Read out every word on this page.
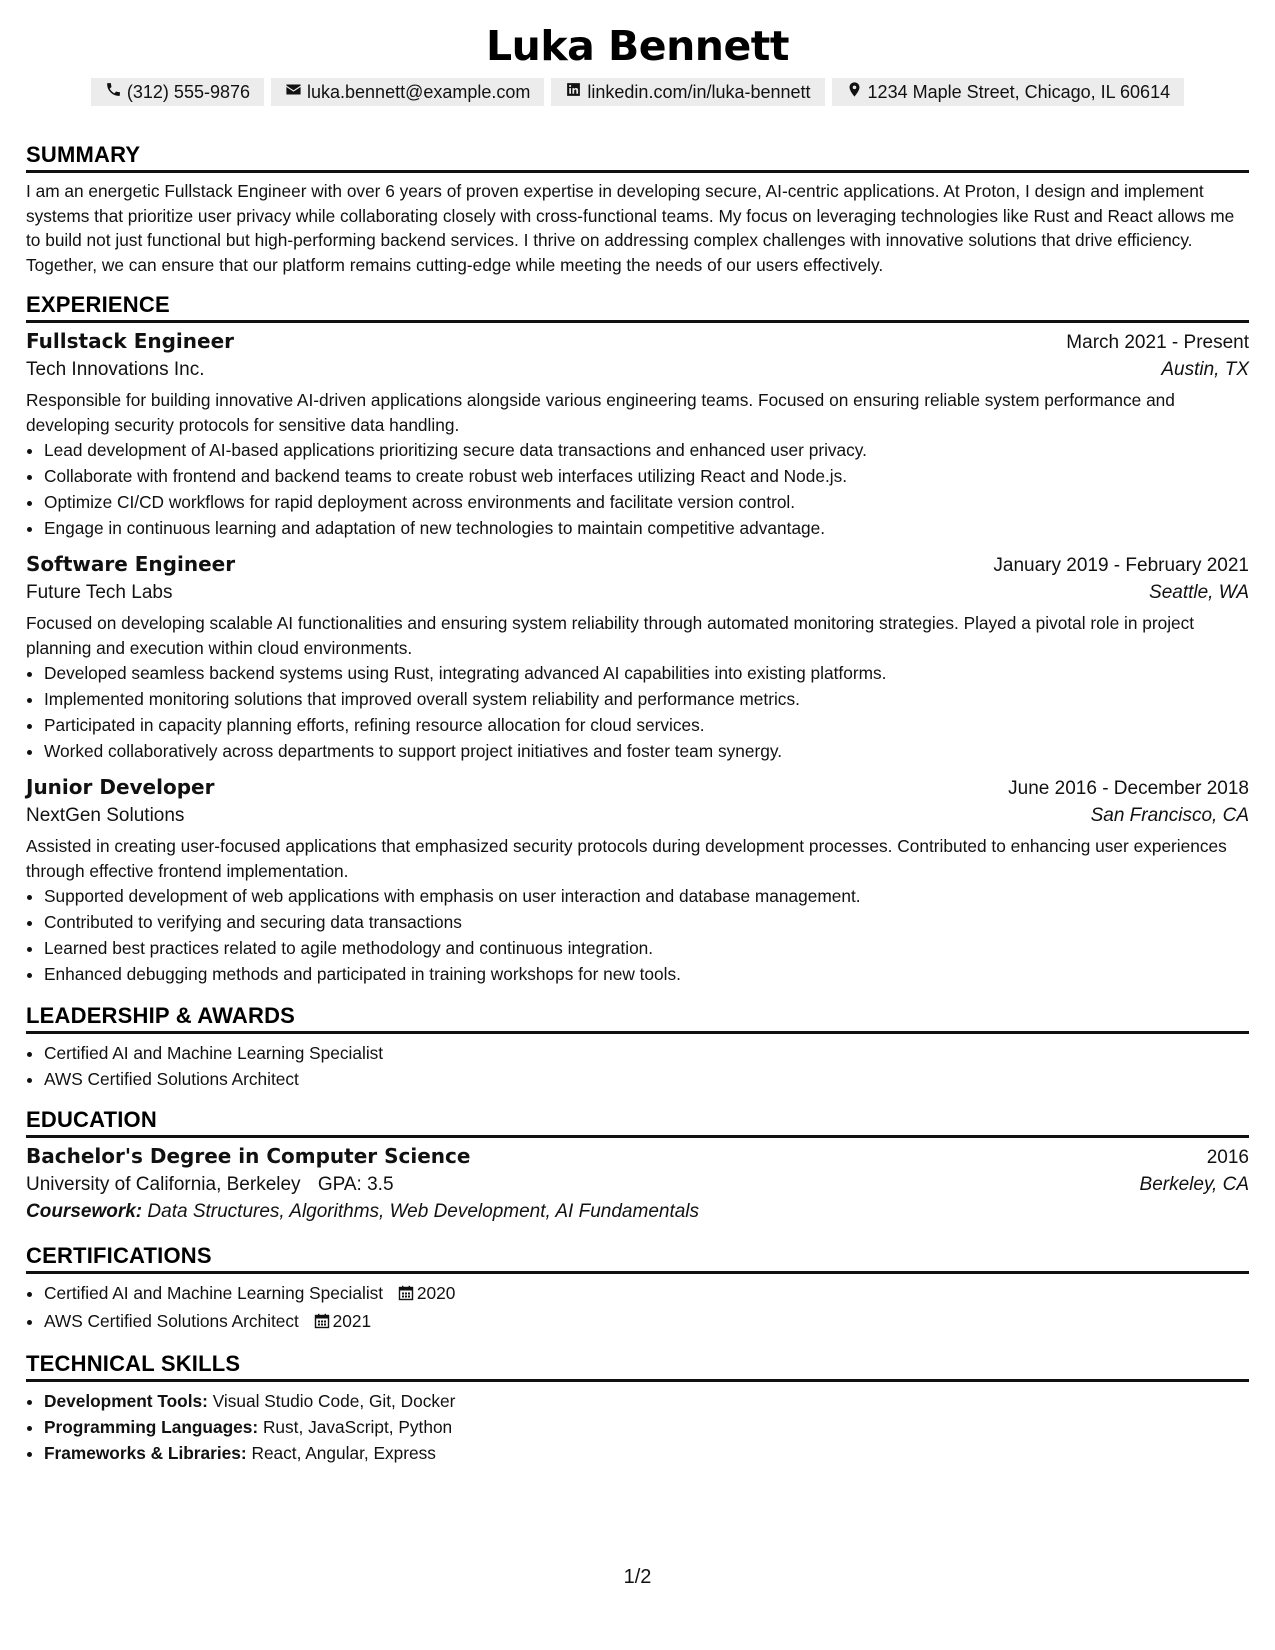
Luka Bennett
(312) 555-9876	luka.bennett@example.com	linkedin.com/in/luka-bennett	1234 Maple Street, Chicago, IL 60614
SUMMARY

I am an energetic Fullstack Engineer with over 6 years of proven expertise in developing secure, AI-centric applications. At Proton, I design and implement systems that prioritize user privacy while collaborating closely with cross-functional teams. My focus on leveraging technologies like Rust and React allows me to build not just functional but high-performing backend services. I thrive on addressing complex challenges with innovative solutions that drive efficiency. Together, we can ensure that our platform remains cutting-edge while meeting the needs of our users effectively.

EXPERIENCE
Fullstack Engineer	March 2021 - Present
Tech Innovations Inc.	Austin, TX

Responsible for building innovative AI-driven applications alongside various engineering teams. Focused on ensuring reliable system performance and developing security protocols for sensitive data handling.

• Lead development of AI-based applications prioritizing secure data transactions and enhanced user privacy.
• Collaborate with frontend and backend teams to create robust web interfaces utilizing React and Node.js.
• Optimize CI/CD workflows for rapid deployment across environments and facilitate version control.
• Engage in continuous learning and adaptation of new technologies to maintain competitive advantage.
Software Engineer	January 2019 - February 2021
Future Tech Labs	Seattle, WA

Focused on developing scalable AI functionalities and ensuring system reliability through automated monitoring strategies. Played a pivotal role in project planning and execution within cloud environments.

• Developed seamless backend systems using Rust, integrating advanced AI capabilities into existing platforms.
• Implemented monitoring solutions that improved overall system reliability and performance metrics.
• Participated in capacity planning efforts, refining resource allocation for cloud services.
• Worked collaboratively across departments to support project initiatives and foster team synergy.
Junior Developer	June 2016 - December 2018
NextGen Solutions	San Francisco, CA

Assisted in creating user-focused applications that emphasized security protocols during development processes. Contributed to enhancing user experiences through effective frontend implementation.

• Supported development of web applications with emphasis on user interaction and database management.
• Contributed to verifying and securing data transactions
• Learned best practices related to agile methodology and continuous integration.
• Enhanced debugging methods and participated in training workshops for new tools.
LEADERSHIP & AWARDS
• Certified AI and Machine Learning Specialist
• AWS Certified Solutions Architect
EDUCATION
Bachelor's Degree in Computer Science	2016
University of California, Berkeley GPA: 3.5	Berkeley, CA
Coursework: Data Structures, Algorithms, Web Development, AI Fundamentals
CERTIFICATIONS
• Certified AI and Machine Learning Specialist 2020
• AWS Certified Solutions Architect 2021
TECHNICAL SKILLS
• Development Tools: Visual Studio Code, Git, Docker
• Programming Languages: Rust, JavaScript, Python
• Frameworks & Libraries: React, Angular, Express
1/2
